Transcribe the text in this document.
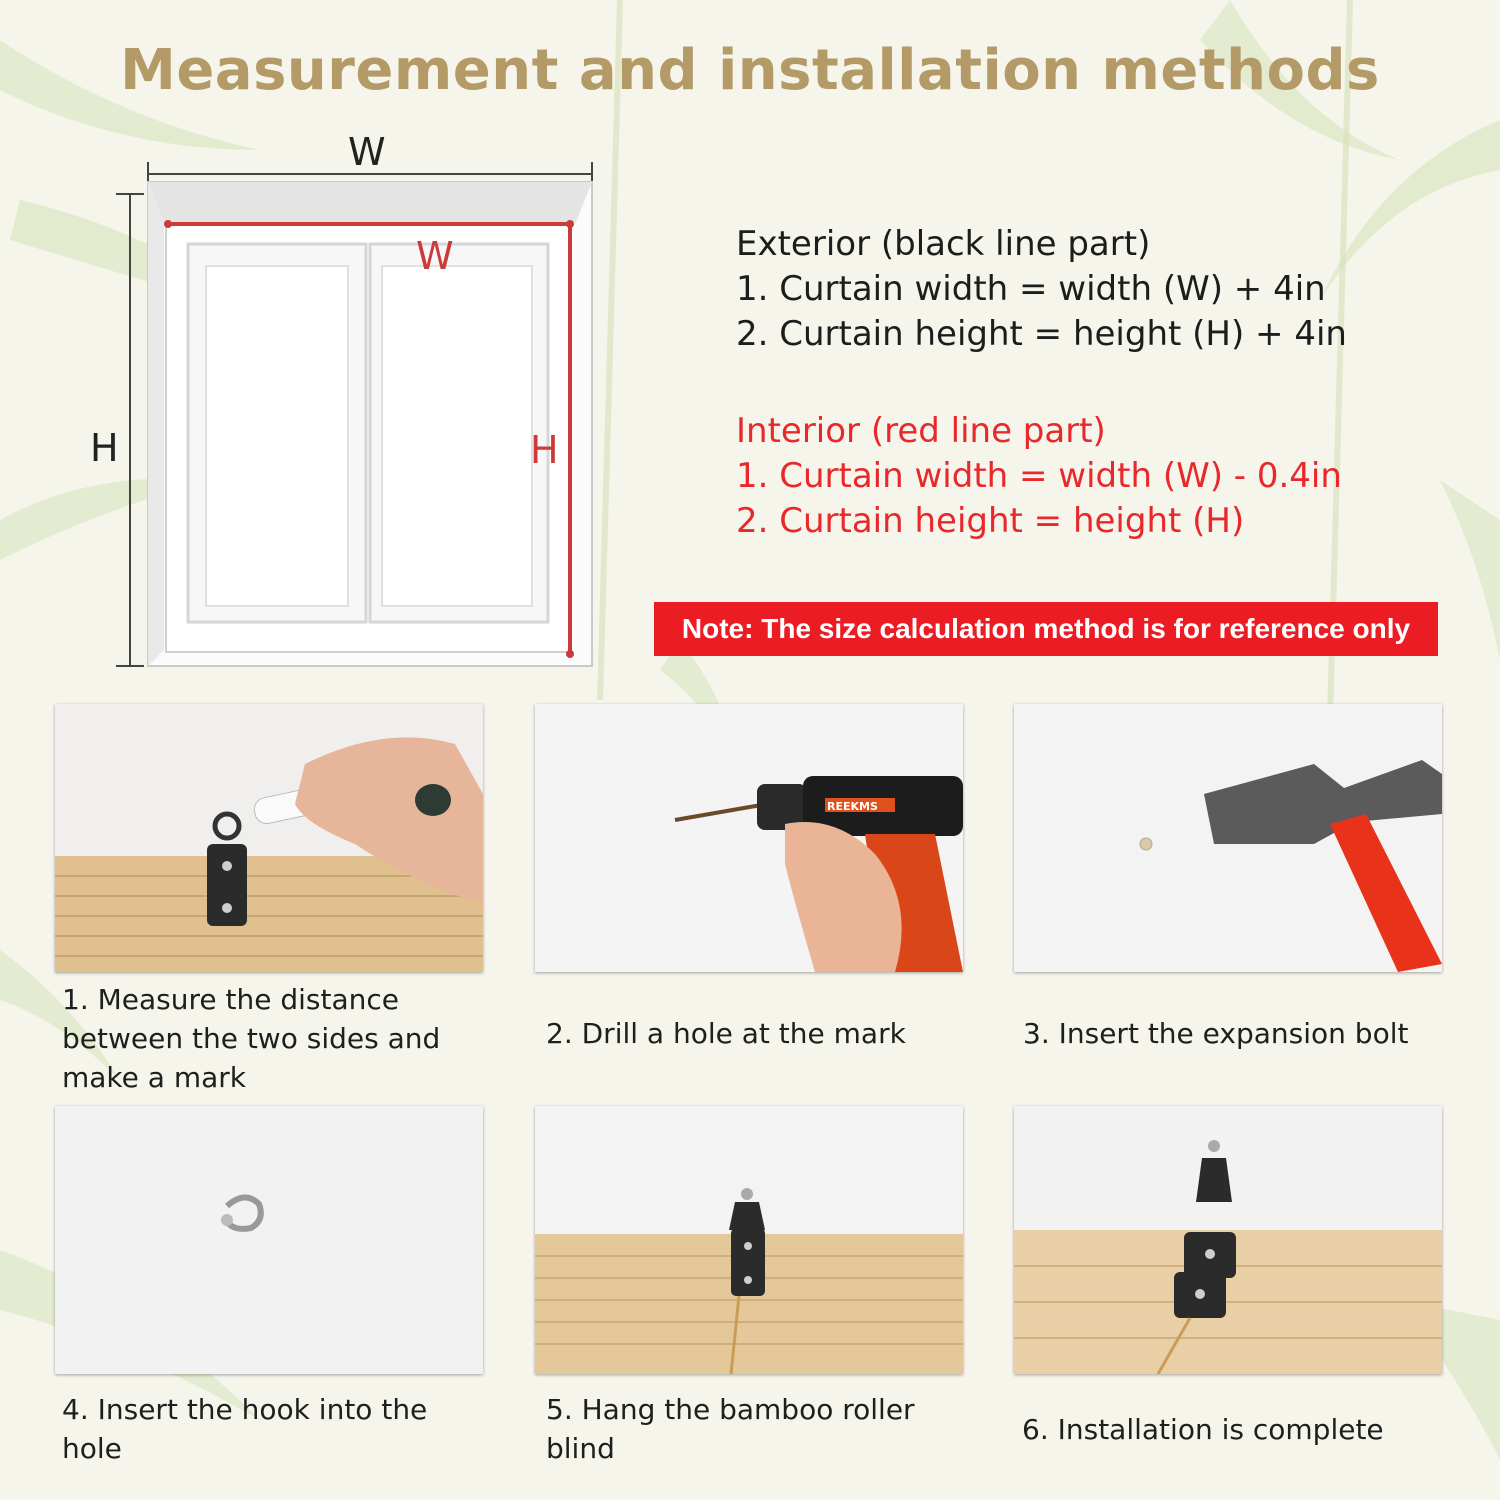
Measurement and installation methods
W
H
W
H
Exterior (black line part)
1. Curtain width = width (W) + 4in
2. Curtain height = height (H) + 4in
Interior (red line part)
1. Curtain width = width (W) - 0.4in
2. Curtain height = height (H)
Note: The size calculation method is for reference only
REEKMS
1. Measure the distance
between the two sides and
make a mark
2. Drill a hole at the mark	3. Insert the expansion bolt
4. Insert the hook into the
hole
5. Hang the bamboo roller
blind
6. Installation is complete
